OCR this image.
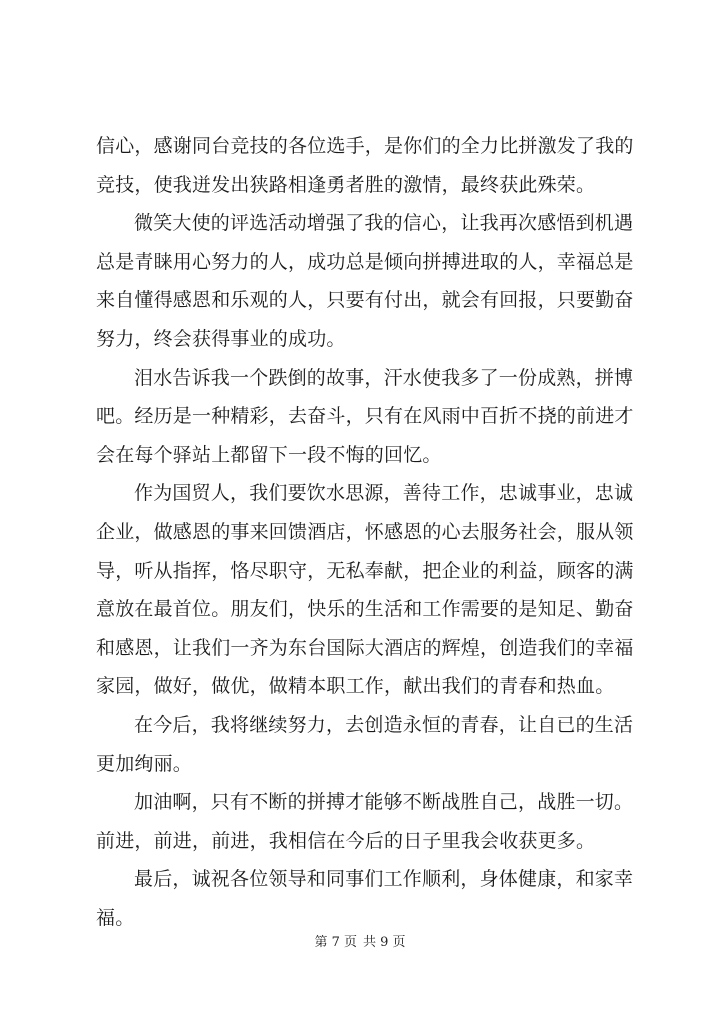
信心，感谢同台竞技的各位选手，是你们的全力比拼激发了我的
竞技，使我迸发出狭路相逢勇者胜的激情，最终获此殊荣。
微笑大使的评选活动增强了我的信心，让我再次感悟到机遇
总是青睐用心努力的人，成功总是倾向拼搏进取的人，幸福总是
来自懂得感恩和乐观的人，只要有付出，就会有回报，只要勤奋
努力，终会获得事业的成功。
泪水告诉我一个跌倒的故事，汗水使我多了一份成熟，拼博
吧。经历是一种精彩，去奋斗，只有在风雨中百折不挠的前进才
会在每个驿站上都留下一段不悔的回忆。
作为国贸人，我们要饮水思源，善待工作，忠诚事业，忠诚
企业，做感恩的事来回馈酒店，怀感恩的心去服务社会，服从领
导，听从指挥，恪尽职守，无私奉献，把企业的利益，顾客的满
意放在最首位。朋友们，快乐的生活和工作需要的是知足、勤奋
和感恩，让我们一齐为东台国际大酒店的辉煌，创造我们的幸福
家园，做好，做优，做精本职工作，献出我们的青春和热血。
在今后，我将继续努力，去创造永恒的青春，让自已的生活
更加绚丽。
加油啊，只有不断的拼搏才能够不断战胜自己，战胜一切。
前进，前进，前进，我相信在今后的日子里我会收获更多。
最后，诚祝各位领导和同事们工作顺利，身体健康，和家幸
福。
第 7 页 共 9 页
